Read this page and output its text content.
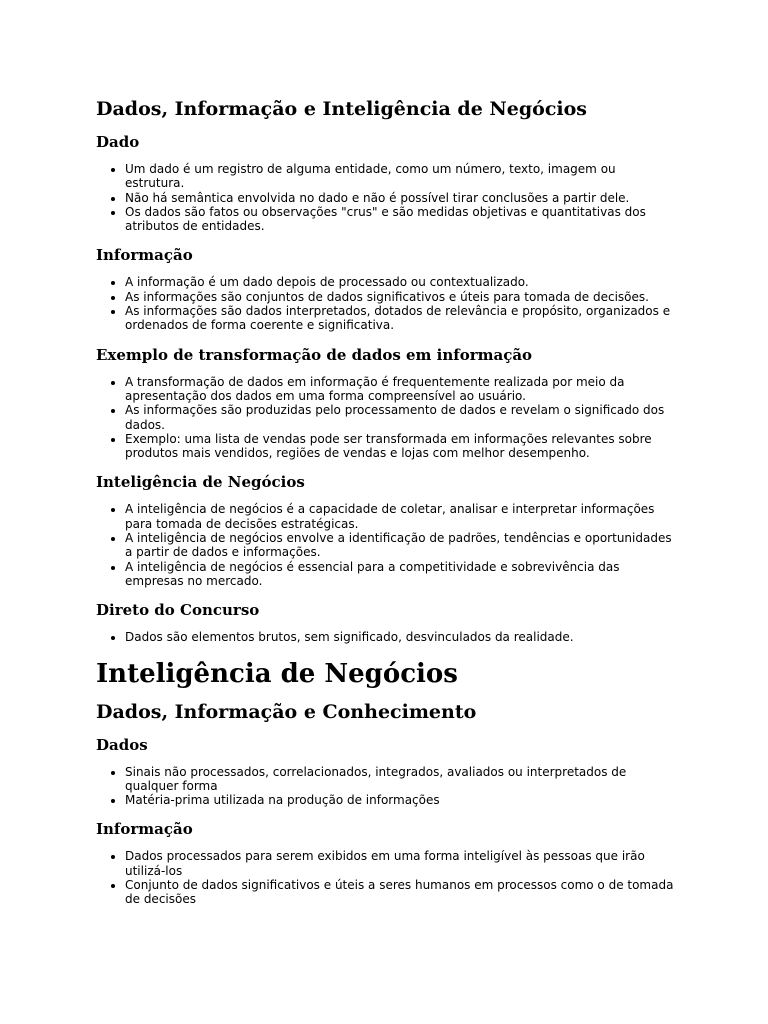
Dados, Informação e Inteligência de Negócios
Dado
• Um dado é um registro de alguma entidade, como um número, texto, imagem ou estrutura.
• Não há semântica envolvida no dado e não é possível tirar conclusões a partir dele.
• Os dados são fatos ou observações "crus" e são medidas objetivas e quantitativas dos atributos de entidades.
Informação
• A informação é um dado depois de processado ou contextualizado.
• As informações são conjuntos de dados significativos e úteis para tomada de decisões.
• As informações são dados interpretados, dotados de relevância e propósito, organizados e ordenados de forma coerente e significativa.
Exemplo de transformação de dados em informação
• A transformação de dados em informação é frequentemente realizada por meio da apresentação dos dados em uma forma compreensível ao usuário.
• As informações são produzidas pelo processamento de dados e revelam o significado dos dados.
• Exemplo: uma lista de vendas pode ser transformada em informações relevantes sobre produtos mais vendidos, regiões de vendas e lojas com melhor desempenho.
Inteligência de Negócios
• A inteligência de negócios é a capacidade de coletar, analisar e interpretar informações para tomada de decisões estratégicas.
• A inteligência de negócios envolve a identificação de padrões, tendências e oportunidades a partir de dados e informações.
• A inteligência de negócios é essencial para a competitividade e sobrevivência das empresas no mercado.
Direto do Concurso
• Dados são elementos brutos, sem significado, desvinculados da realidade.
Inteligência de Negócios
Dados, Informação e Conhecimento
Dados
• Sinais não processados, correlacionados, integrados, avaliados ou interpretados de qualquer forma
• Matéria-prima utilizada na produção de informações
Informação
• Dados processados para serem exibidos em uma forma inteligível às pessoas que irão utilizá-los
• Conjunto de dados significativos e úteis a seres humanos em processos como o de tomada de decisões
